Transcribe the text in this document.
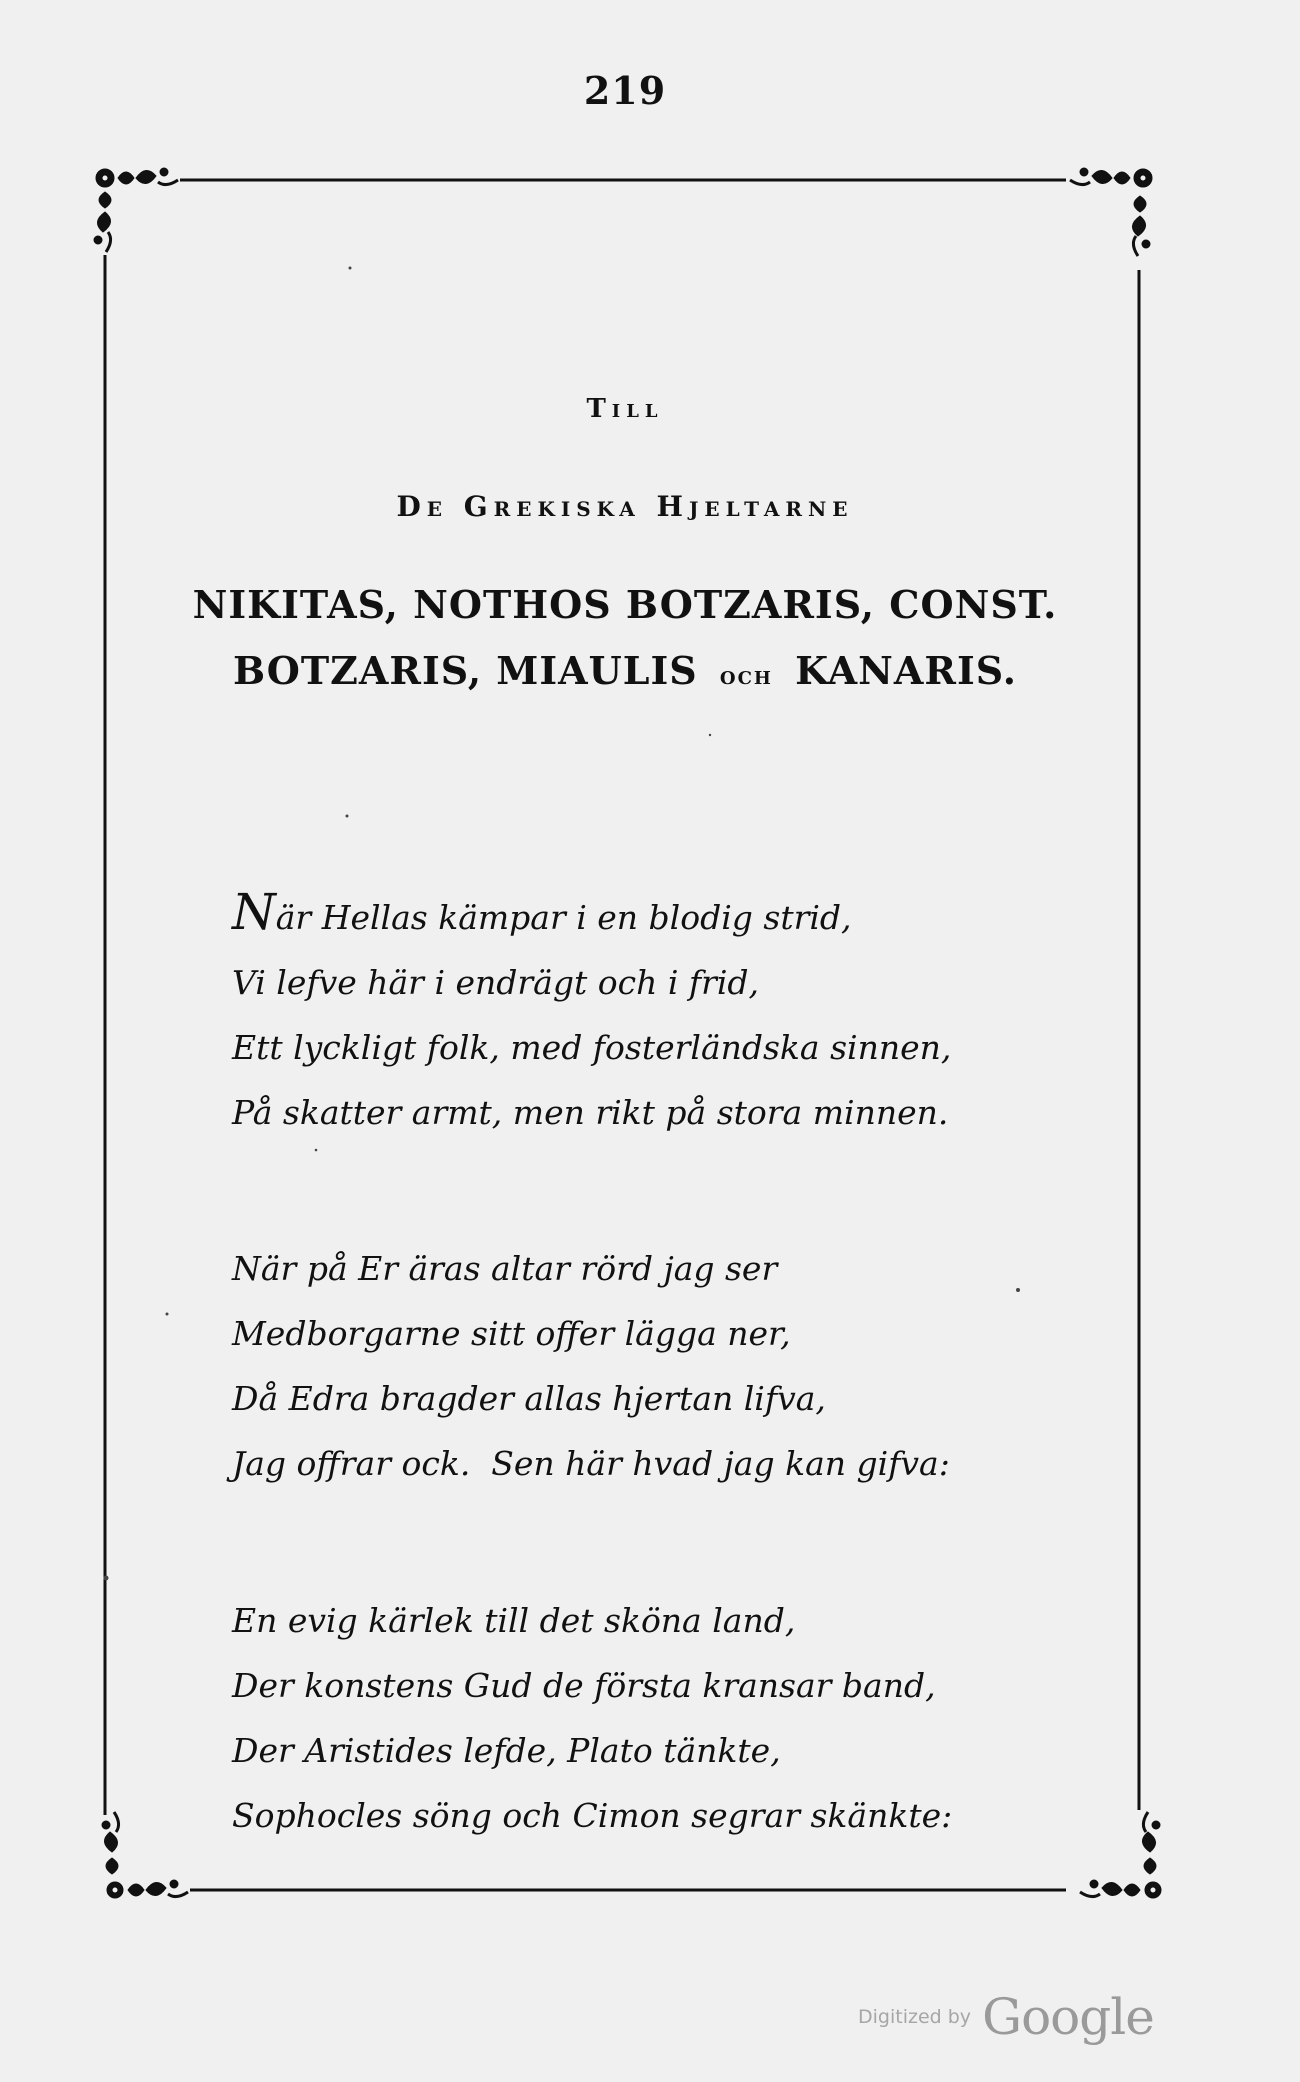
219
Till
De Grekiska Hjeltarne
NIKITAS, NOTHOS BOTZARIS, CONST.
BOTZARIS, MIAULIS och KANARIS.
När Hellas kämpar i en blodig strid,
Vi lefve här i endrägt och i frid,
Ett lyckligt folk, med fosterländska sinnen,
På skatter armt, men rikt på stora minnen.
När på Er äras altar rörd jag ser
Medborgarne sitt offer lägga ner,
Då Edra bragder allas hjertan lifva,
Jag offrar ock.  Sen här hvad jag kan gifva:
En evig kärlek till det sköna land,
Der konstens Gud de första kransar band,
Der Aristides lefde, Plato tänkte,
Sophocles söng och Cimon segrar skänkte:
Digitized by Google
